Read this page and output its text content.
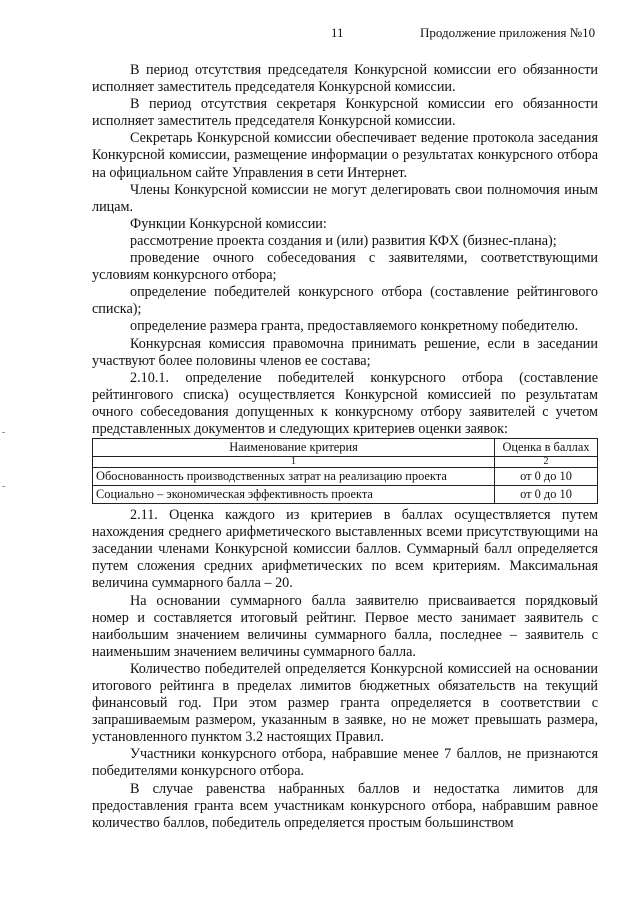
11	Продолжение приложения №10

В период отсутствия председателя Конкурсной комиссии его обязанности исполняет заместитель председателя Конкурсной комиссии.

В период отсутствия секретаря Конкурсной комиссии его обязанности исполняет заместитель председателя Конкурсной комиссии.

Секретарь Конкурсной комиссии обеспечивает ведение протокола заседания Конкурсной комиссии, размещение информации о результатах конкурсного отбора на официальном сайте Управления в сети Интернет.

Члены Конкурсной комиссии не могут делегировать свои полномочия иным лицам.

Функции Конкурсной комиссии:

рассмотрение проекта создания и (или) развития КФХ (бизнес-плана);

проведение очного собеседования с заявителями, соответствующими условиям конкурсного отбора;

определение победителей конкурсного отбора (составление рейтингового списка);

определение размера гранта, предоставляемого конкретному победителю.

Конкурсная комиссия правомочна принимать решение, если в заседании участвуют более половины членов ее состава;

2.10.1. определение победителей конкурсного отбора (составление рейтингового списка) осуществляется Конкурсной комиссией по результатам очного собеседования допущенных к конкурсному отбору заявителей с учетом представленных документов и следующих критериев оценки заявок:

Наименование критерия	Оценка в баллах
1	2
Обоснованность производственных затрат на реализацию проекта	от 0 до 10
Социально – экономическая эффективность проекта	от 0 до 10

2.11. Оценка каждого из критериев в баллах осуществляется путем нахождения среднего арифметического выставленных всеми присутствующими на заседании членами Конкурсной комиссии баллов. Суммарный балл определяется путем сложения средних арифметических по всем критериям. Максимальная величина суммарного балла – 20.

На основании суммарного балла заявителю присваивается порядковый номер и составляется итоговый рейтинг. Первое место занимает заявитель с наибольшим значением величины суммарного балла, последнее – заявитель с наименьшим значением величины суммарного балла.

Количество победителей определяется Конкурсной комиссией на основании итогового рейтинга в пределах лимитов бюджетных обязательств на текущий финансовый год. При этом размер гранта определяется в соответствии с запрашиваемым размером, указанным в заявке, но не может превышать размера, установленного пунктом 3.2 настоящих Правил.

Участники конкурсного отбора, набравшие менее 7 баллов, не признаются победителями конкурсного отбора.

В случае равенства набранных баллов и недостатка лимитов для предоставления гранта всем участникам конкурсного отбора, набравшим равное количество баллов, победитель определяется простым большинством
